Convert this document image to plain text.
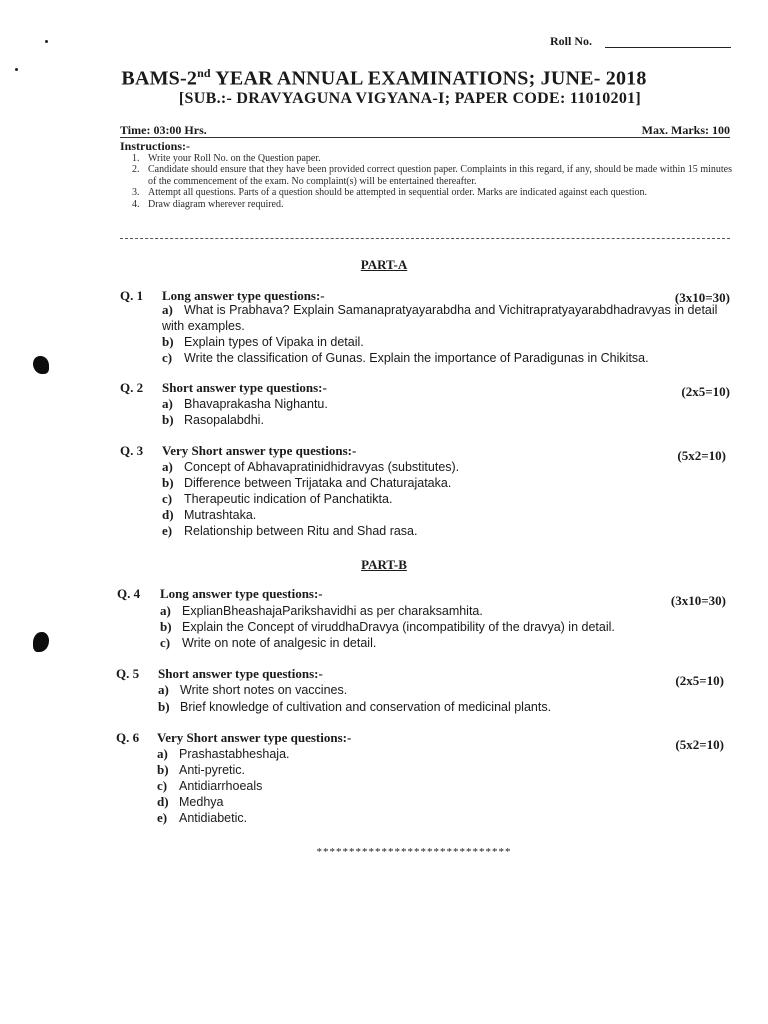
Roll No.
BAMS-2nd YEAR ANNUAL EXAMINATIONS; JUNE- 2018
[SUB.:- DRAVYAGUNA VIGYANA-I; PAPER CODE: 11010201]
Time: 03:00 Hrs.	Max. Marks: 100
Instructions:-
1. Write your Roll No. on the Question paper.
2. Candidate should ensure that they have been provided correct question paper. Complaints in this regard, if any, should be made within 15 minutes of the commencement of the exam. No complaint(s) will be entertained thereafter.
3. Attempt all questions. Parts of a question should be attempted in sequential order. Marks are indicated against each question.
4. Draw diagram wherever required.
PART-A
Q. 1 Long answer type questions:-	(3x10=30)
a) What is Prabhava? Explain Samanapratyayarabdha and Vichitrapratyayarabdhadravyas in detail with examples.
b) Explain types of Vipaka in detail.
c) Write the classification of Gunas. Explain the importance of Paradigunas in Chikitsa.
Q. 2 Short answer type questions:-	(2x5=10)
a) Bhavaprakasha Nighantu.
b) Rasopalabdhi.
Q. 3 Very Short answer type questions:-	(5x2=10)
a) Concept of Abhavapratinidhidravyas (substitutes).
b) Difference between Trijataka and Chaturajataka.
c) Therapeutic indication of Panchatikta.
d) Mutrashtaka.
e) Relationship between Ritu and Shad rasa.
PART-B
Q. 4 Long answer type questions:-	(3x10=30)
a) ExplianBheashajaParikshavidhi as per charaksamhita.
b) Explain the Concept of viruddhaDravya (incompatibility of the dravya) in detail.
c) Write on note of analgesic in detail.
Q. 5 Short answer type questions:-	(2x5=10)
a) Write short notes on vaccines.
b) Brief knowledge of cultivation and conservation of medicinal plants.
Q. 6 Very Short answer type questions:-	(5x2=10)
a) Prashastabheshaja.
b) Anti-pyretic.
c) Antidiarrhoeals
d) Medhya
e) Antidiabetic.
******************************
